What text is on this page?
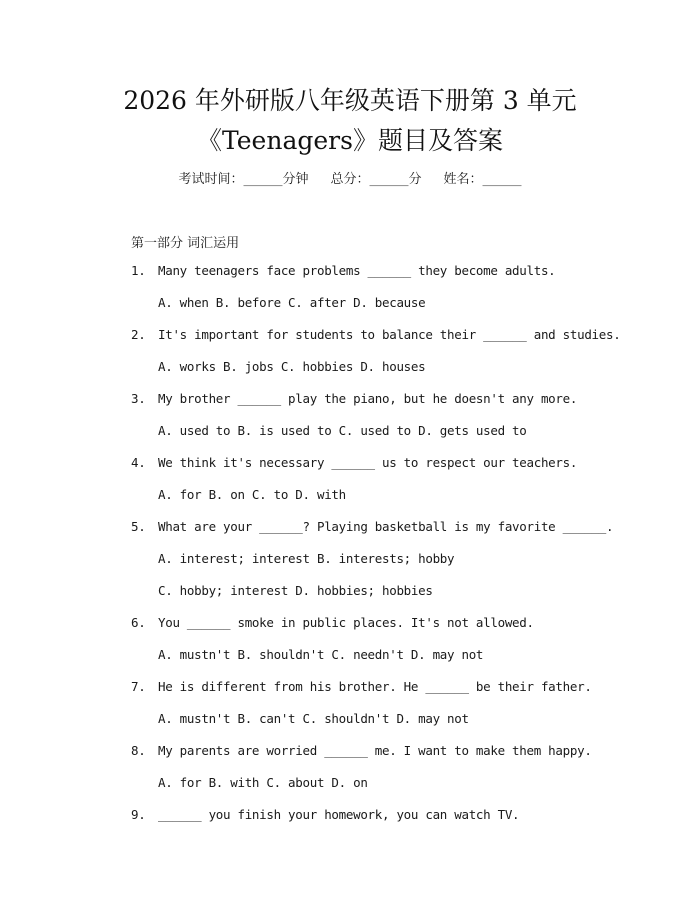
2026 年外研版八年级英语下册第 3 单元
《Teenagers》题目及答案
考试时间：______分钟 总分：______分 姓名：______
第一部分 词汇运用
1. Many teenagers face problems ______ they become adults.
A. when B. before C. after D. because
2. It's important for students to balance their ______ and studies.
A. works B. jobs C. hobbies D. houses
3. My brother ______ play the piano, but he doesn't any more.
A. used to B. is used to C. used to D. gets used to
4. We think it's necessary ______ us to respect our teachers.
A. for B. on C. to D. with
5. What are your ______? Playing basketball is my favorite ______.
A. interest; interest B. interests; hobby
C. hobby; interest D. hobbies; hobbies
6. You ______ smoke in public places. It's not allowed.
A. mustn't B. shouldn't C. needn't D. may not
7. He is different from his brother. He ______ be their father.
A. mustn't B. can't C. shouldn't D. may not
8. My parents are worried ______ me. I want to make them happy.
A. for B. with C. about D. on
9. ______ you finish your homework, you can watch TV.
